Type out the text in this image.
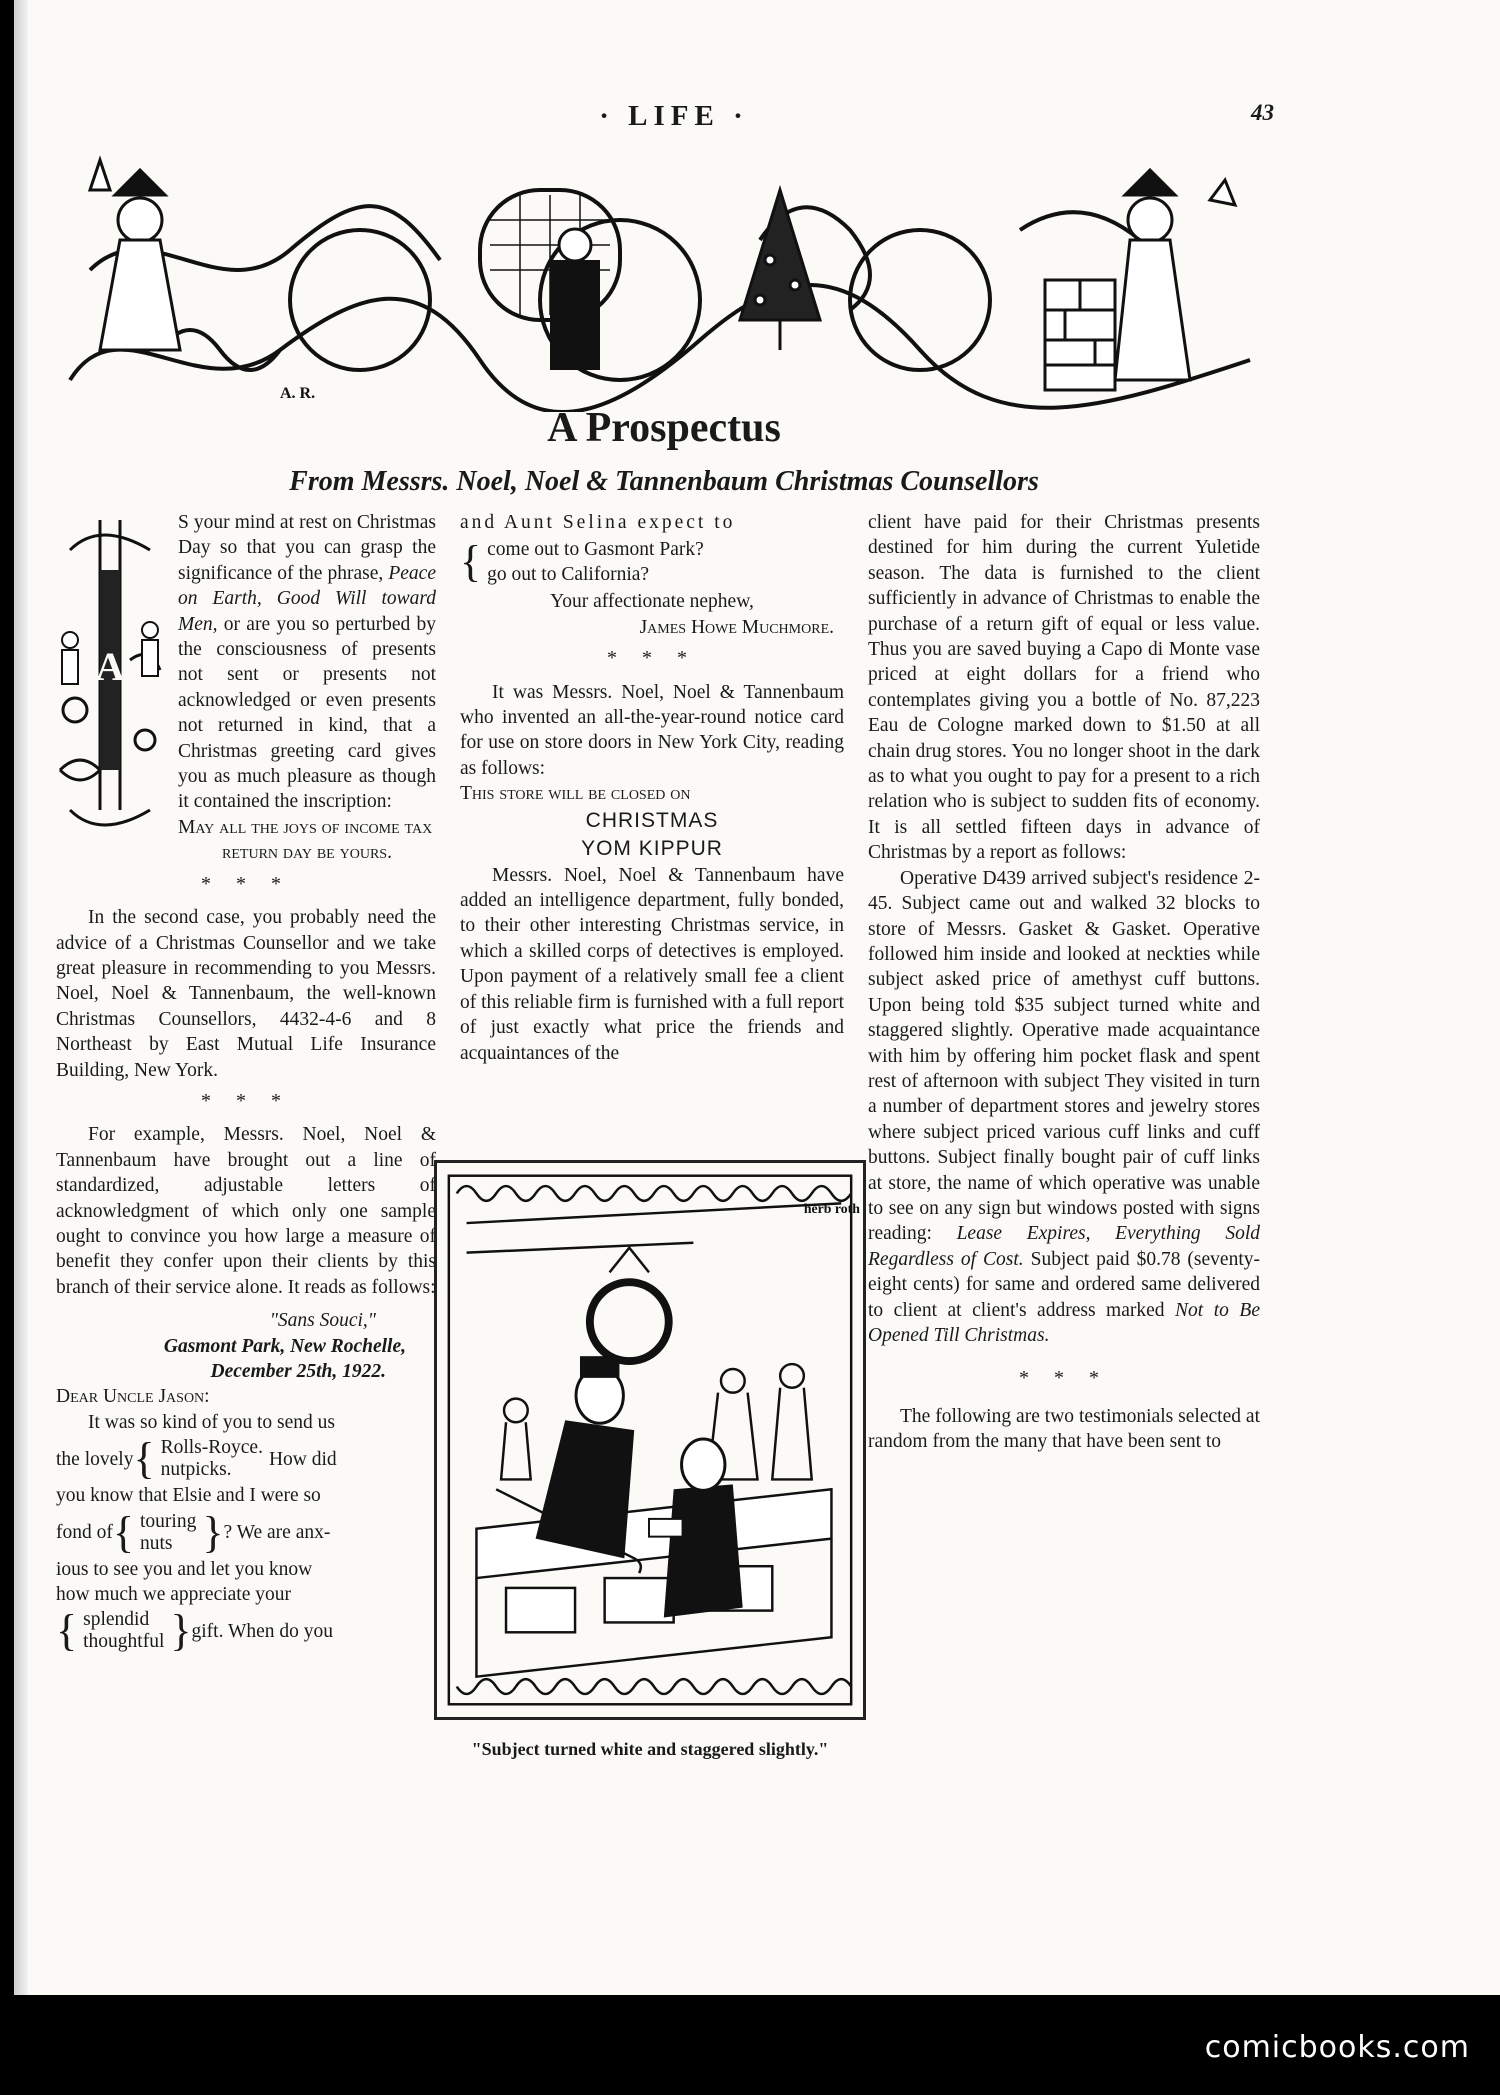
· LIFE ·	43
A. R.
A Prospectus
From Messrs. Noel, Noel & Tannenbaum Christmas Counsellors
A

S your mind at rest on Christmas Day so that you can grasp the significance of the phrase, Peace on Earth, Good Will toward Men, or are you so perturbed by the consciousness of presents not sent or presents not acknowledged or even presents not returned in kind, that a Christmas greeting card gives you as much pleasure as though it contained the inscription:

May all the joys of income tax

return day be yours.

* * *

In the second case, you probably need the advice of a Christmas Counsellor and we take great pleasure in recommending to you Messrs. Noel, Noel & Tannenbaum, the well-known Christmas Counsellors, 4432-4-6 and 8 Northeast by East Mutual Life Insurance Building, New York.

* * *

For example, Messrs. Noel, Noel & Tannenbaum have brought out a line of standardized, adjustable letters of acknowledgment of which only one sample ought to convince you how large a measure of benefit they confer upon their clients by this branch of their service alone. It reads as follows:

"Sans Souci,"

Gasmont Park, New Rochelle,

December 25th, 1922.

Dear Uncle Jason:

It was so kind of you to send us

the lovely { Rolls-Royce.
nutpicks.
How did

you know that Elsie and I were so

fond of { touring
nuts } ? We are anx-

ious to see you and let you know

how much we appreciate your

{ splendid
thoughtful } gift. When do you

and Aunt Selina expect to

{ come out to Gasmont Park?
go out to California?

Your affectionate nephew,

James Howe Muchmore.

* * *

It was Messrs. Noel, Noel & Tannenbaum who invented an all-the-year-round notice card for use on store doors in New York City, reading as follows:

This store will be closed on

CHRISTMAS

YOM KIPPUR

Messrs. Noel, Noel & Tannenbaum have added an intelligence department, fully bonded, to their other interesting Christmas service, in which a skilled corps of detectives is employed. Upon payment of a relatively small fee a client of this reliable firm is furnished with a full report of just exactly what price the friends and acquaintances of the

herb roth
"Subject turned white and staggered slightly."

client have paid for their Christmas presents destined for him during the current Yuletide season. The data is furnished to the client sufficiently in advance of Christmas to enable the purchase of a return gift of equal or less value. Thus you are saved buying a Capo di Monte vase priced at eight dollars for a friend who contemplates giving you a bottle of No. 87,223 Eau de Cologne marked down to $1.50 at all chain drug stores. You no longer shoot in the dark as to what you ought to pay for a present to a rich relation who is subject to sudden fits of economy. It is all settled fifteen days in advance of Christmas by a report as follows:

Operative D439 arrived subject's residence 2-45. Subject came out and walked 32 blocks to store of Messrs. Gasket & Gasket. Operative followed him inside and looked at neckties while subject asked price of amethyst cuff buttons. Upon being told $35 subject turned white and staggered slightly. Operative made acquaintance with him by offering him pocket flask and spent rest of afternoon with subject They visited in turn a number of department stores and jewelry stores where subject priced various cuff links and cuff buttons. Subject finally bought pair of cuff links at store, the name of which operative was unable to see on any sign but windows posted with signs reading: Lease Expires, Everything Sold Regardless of Cost. Subject paid $0.78 (seventy-eight cents) for same and ordered same delivered to client at client's address marked Not to Be Opened Till Christmas.

* * *

The following are two testimonials selected at random from the many that have been sent to

comicbooks.com
